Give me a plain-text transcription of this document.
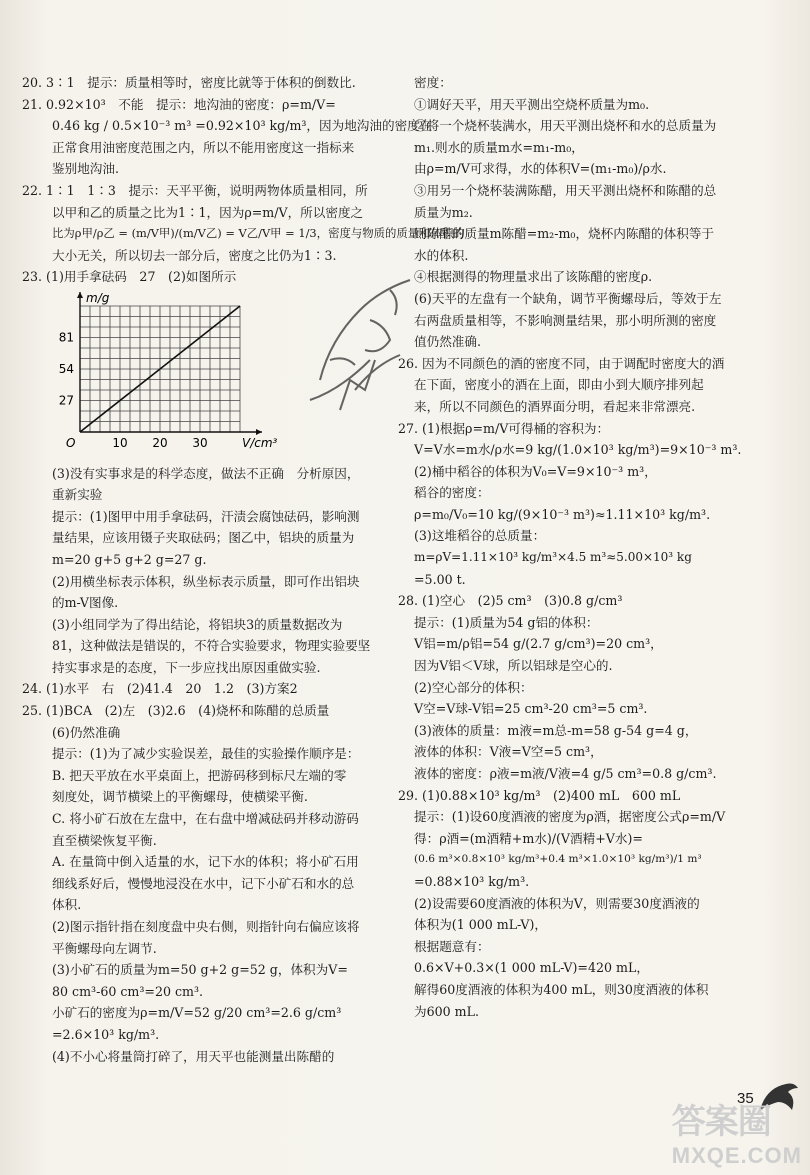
20. 3∶1　提示：质量相等时，密度比就等于体积的倒数比.

21. 0.92×10³　不能　提示：地沟油的密度：ρ=m/V=

0.46 kg / 0.5×10⁻³ m³ =0.92×10³ kg/m³，因为地沟油的密度在

正常食用油密度范围之内，所以不能用密度这一指标来

鉴别地沟油.

22. 1∶1　1∶3　提示：天平平衡，说明两物体质量相同，所

以甲和乙的质量之比为1∶1，因为ρ=m/V，所以密度之

比为ρ甲/ρ乙 = (m/V甲)/(m/V乙) = V乙/V甲 = 1/3，密度与物质的质量和体积的

大小无关，所以切去一部分后，密度之比仍为1∶3.

23. (1)用手拿砝码　27　(2)如图所示

10 20 30
27
54
81
O	V/cm³
m/g

(3)没有实事求是的科学态度，做法不正确　分析原因，

重新实验

提示：(1)图甲中用手拿砝码，汗渍会腐蚀砝码，影响测

量结果，应该用镊子夹取砝码；图乙中，铝块的质量为

m=20 g+5 g+2 g=27 g.

(2)用横坐标表示体积，纵坐标表示质量，即可作出铝块

的m-V图像.

(3)小组同学为了得出结论，将铝块3的质量数据改为

81，这种做法是错误的，不符合实验要求，物理实验要坚

持实事求是的态度，下一步应找出原因重做实验.

24. (1)水平　右　(2)41.4　20　1.2　(3)方案2

25. (1)BCA　(2)左　(3)2.6　(4)烧杯和陈醋的总质量

(6)仍然准确

提示：(1)为了减少实验误差，最佳的实验操作顺序是：

B. 把天平放在水平桌面上，把游码移到标尺左端的零

刻度处，调节横梁上的平衡螺母，使横梁平衡.

C. 将小矿石放在左盘中，在右盘中增减砝码并移动游码

直至横梁恢复平衡.

A. 在量筒中倒入适量的水，记下水的体积；将小矿石用

细线系好后，慢慢地浸没在水中，记下小矿石和水的总

体积.

(2)图示指针指在刻度盘中央右侧，则指针向右偏应该将

平衡螺母向左调节.

(3)小矿石的质量为m=50 g+2 g=52 g，体积为V=

80 cm³-60 cm³=20 cm³.

小矿石的密度为ρ=m/V=52 g/20 cm³=2.6 g/cm³

=2.6×10³ kg/m³.

(4)不小心将量筒打碎了，用天平也能测量出陈醋的

密度：

①调好天平，用天平测出空烧杯质量为m₀.

②将一个烧杯装满水，用天平测出烧杯和水的总质量为

m₁.则水的质量m水=m₁-m₀，

由ρ=m/V可求得，水的体积V=(m₁-m₀)/ρ水.

③用另一个烧杯装满陈醋，用天平测出烧杯和陈醋的总

质量为m₂.

则陈醋的质量m陈醋=m₂-m₀，烧杯内陈醋的体积等于

水的体积.

④根据测得的物理量求出了该陈醋的密度ρ.

(6)天平的左盘有一个缺角，调节平衡螺母后，等效于左

右两盘质量相等，不影响测量结果，那小明所测的密度

值仍然准确.

26. 因为不同颜色的酒的密度不同，由于调配时密度大的酒

在下面，密度小的酒在上面，即由小到大顺序排列起

来，所以不同颜色的酒界面分明，看起来非常漂亮.

27. (1)根据ρ=m/V可得桶的容积为：

V=V水=m水/ρ水=9 kg/(1.0×10³ kg/m³)=9×10⁻³ m³.

(2)桶中稻谷的体积为V₀=V=9×10⁻³ m³，

稻谷的密度：

ρ=m₀/V₀=10 kg/(9×10⁻³ m³)≈1.11×10³ kg/m³.

(3)这堆稻谷的总质量：

m=ρV=1.11×10³ kg/m³×4.5 m³≈5.00×10³ kg

=5.00 t.

28. (1)空心　(2)5 cm³　(3)0.8 g/cm³

提示：(1)质量为54 g铝的体积：

V铝=m/ρ铝=54 g/(2.7 g/cm³)=20 cm³，

因为V铝＜V球，所以铝球是空心的.

(2)空心部分的体积：

V空=V球-V铝=25 cm³-20 cm³=5 cm³.

(3)液体的质量：m液=m总-m=58 g-54 g=4 g，

液体的体积：V液=V空=5 cm³，

液体的密度：ρ液=m液/V液=4 g/5 cm³=0.8 g/cm³.

29. (1)0.88×10³ kg/m³　(2)400 mL　600 mL

提示：(1)设60度酒液的密度为ρ酒，据密度公式ρ=m/V

得：ρ酒=(m酒精+m水)/(V酒精+V水)=

(0.6 m³×0.8×10³ kg/m³+0.4 m³×1.0×10³ kg/m³)/1 m³

=0.88×10³ kg/m³.

(2)设需要60度酒液的体积为V，则需要30度酒液的

体积为(1 000 mL-V)，

根据题意有：

0.6×V+0.3×(1 000 mL-V)=420 mL，

解得60度酒液的体积为400 mL，则30度酒液的体积

为600 mL.

35
答案圈
MXQE.COM
